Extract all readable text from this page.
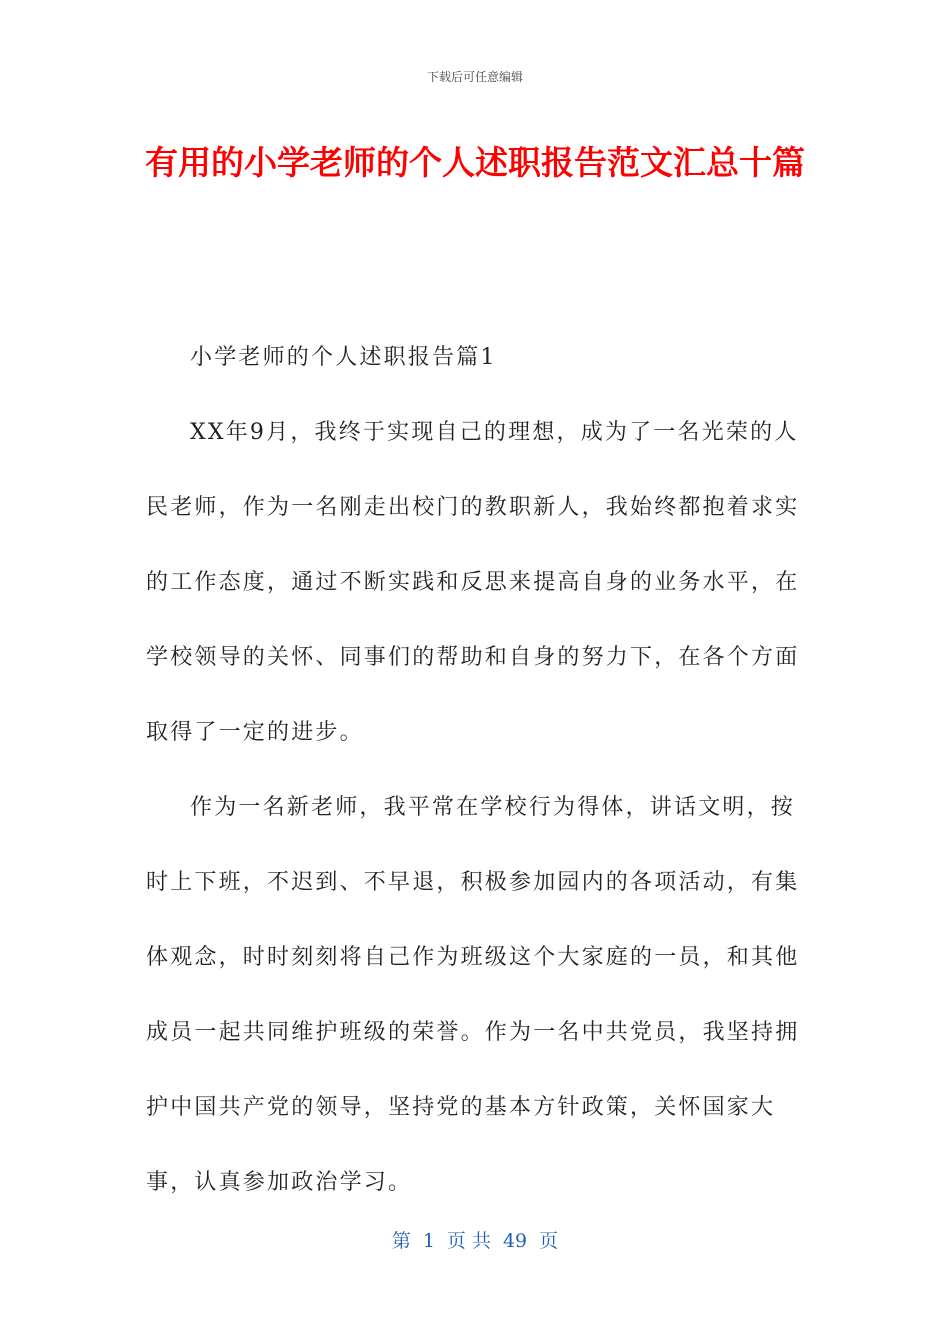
下载后可任意编辑
有用的小学老师的个人述职报告范文汇总十篇

小学老师的个人述职报告篇1

XX年9月，我终于实现自己的理想，成为了一名光荣的人民老师，作为一名刚走出校门的教职新人，我始终都抱着求实的工作态度，通过不断实践和反思来提高自身的业务水平，在学校领导的关怀、同事们的帮助和自身的努力下，在各个方面取得了一定的进步。

作为一名新老师，我平常在学校行为得体，讲话文明，按时上下班，不迟到、不早退，积极参加园内的各项活动，有集体观念，时时刻刻将自己作为班级这个大家庭的一员，和其他成员一起共同维护班级的荣誉。作为一名中共党员，我坚持拥护中国共产党的领导，坚持党的基本方针政策，关怀国家大事，认真参加政治学习。

第 1 页 共 49 页
